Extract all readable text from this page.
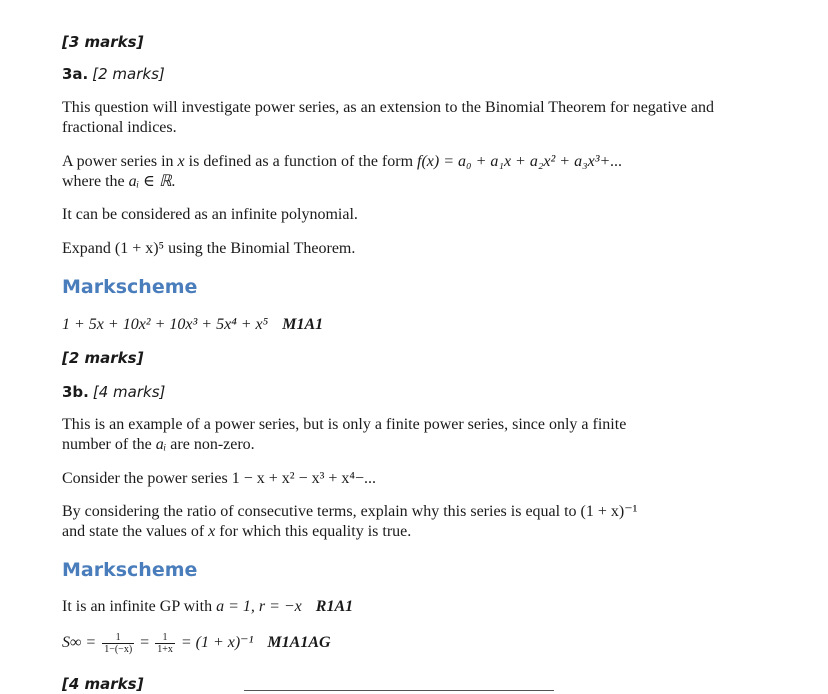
[3 marks]

3a. [2 marks]

This question will investigate power series, as an extension to the Binomial Theorem for negative and fractional indices.

A power series in x is defined as a function of the form f(x) = a₀ + a₁x + a₂x² + a₃x³+...
where the aᵢ ∈ ℝ.

It can be considered as an infinite polynomial.

Expand (1 + x)⁵ using the Binomial Theorem.

Markscheme

1 + 5x + 10x² + 10x³ + 5x⁴ + x⁵ M1A1

[2 marks]

3b. [4 marks]

This is an example of a power series, but is only a finite power series, since only a finite
number of the aᵢ are non-zero.

Consider the power series 1 − x + x² − x³ + x⁴−...

By considering the ratio of consecutive terms, explain why this series is equal to (1 + x)⁻¹
and state the values of x for which this equality is true.

Markscheme

It is an infinite GP with a = 1, r = −x R1A1

$S\infty = \frac{1}{1-(-x)} = \frac{1}{1+x} = (1 + x)^{-1}$ M1A1AG

[4 marks]
